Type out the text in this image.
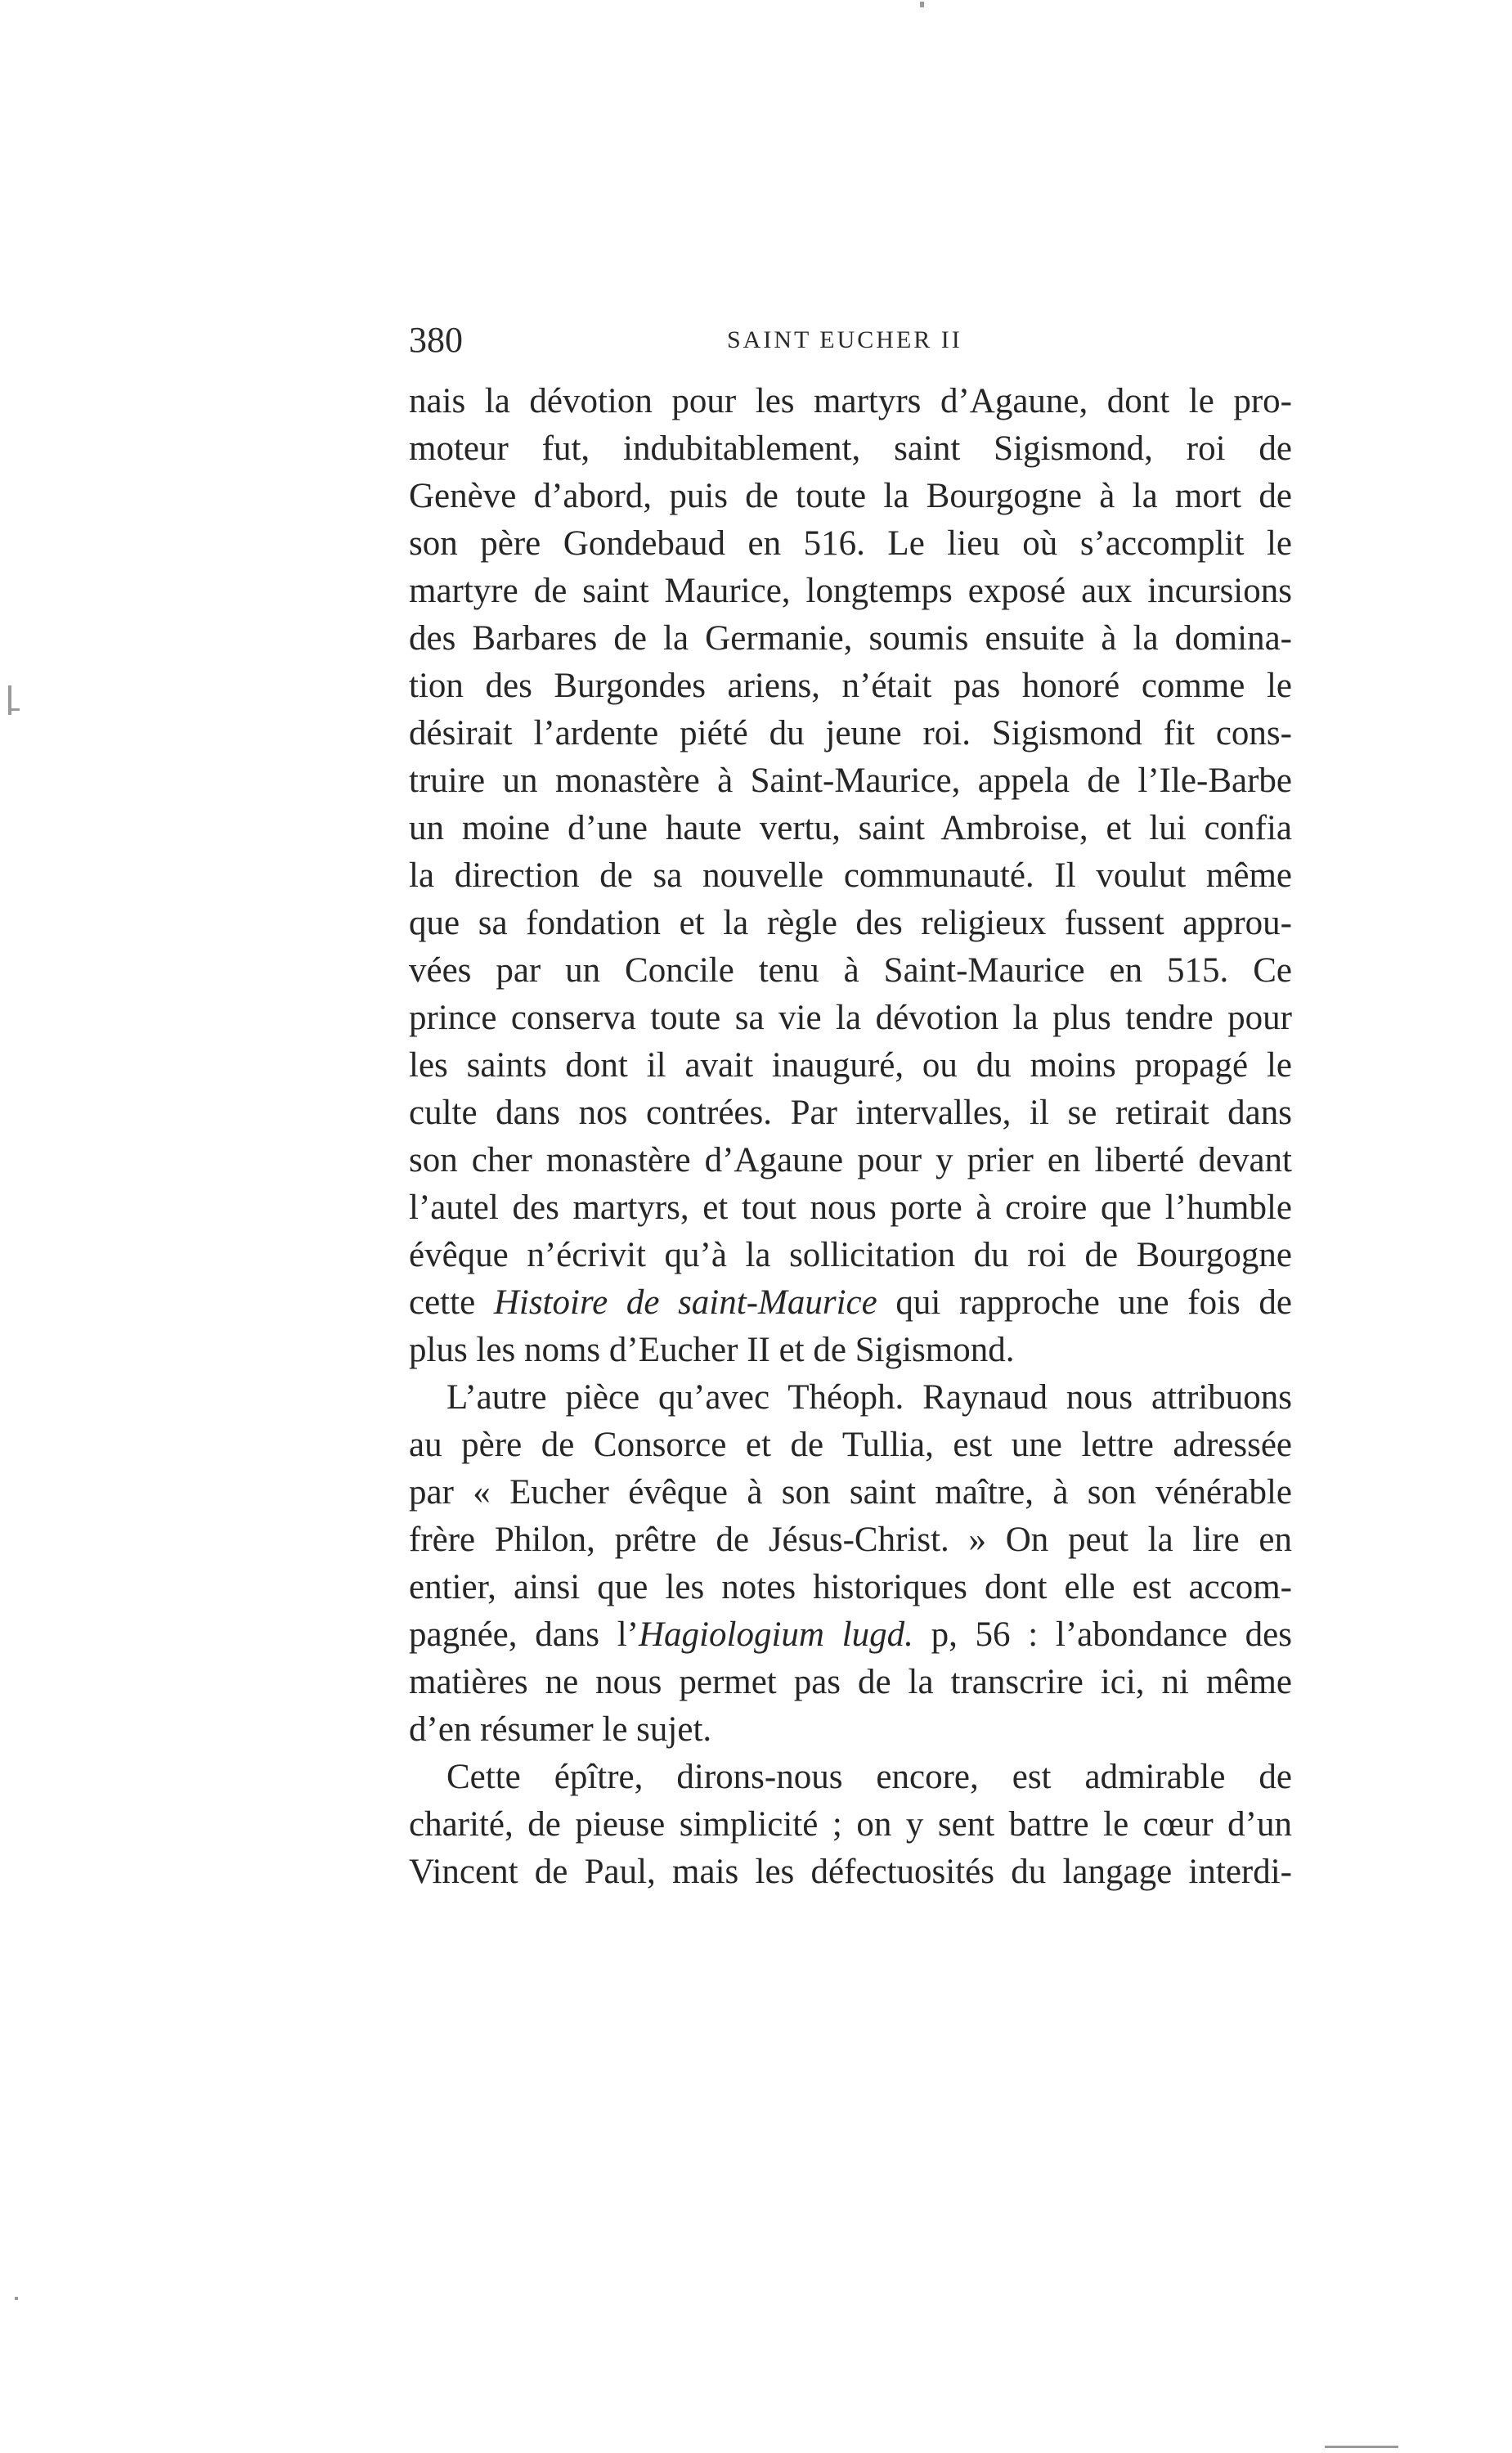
380	SAINT EUCHER II
nais la dévotion pour les martyrs d’Agaune, dont le pro-
moteur fut, indubitablement, saint Sigismond, roi de
Genève d’abord, puis de toute la Bourgogne à la mort de
son père Gondebaud en 516. Le lieu où s’accomplit le
martyre de saint Maurice, longtemps exposé aux incursions
des Barbares de la Germanie, soumis ensuite à la domina-
tion des Burgondes ariens, n’était pas honoré comme le
désirait l’ardente piété du jeune roi. Sigismond fit cons-
truire un monastère à Saint-Maurice, appela de l’Ile-Barbe
un moine d’une haute vertu, saint Ambroise, et lui confia
la direction de sa nouvelle communauté. Il voulut même
que sa fondation et la règle des religieux fussent approu-
vées par un Concile tenu à Saint-Maurice en 515. Ce
prince conserva toute sa vie la dévotion la plus tendre pour
les saints dont il avait inauguré, ou du moins propagé le
culte dans nos contrées. Par intervalles, il se retirait dans
son cher monastère d’Agaune pour y prier en liberté devant
l’autel des martyrs, et tout nous porte à croire que l’humble
évêque n’écrivit qu’à la sollicitation du roi de Bourgogne
cette Histoire de saint-Maurice qui rapproche une fois de
plus les noms d’Eucher II et de Sigismond.
L’autre pièce qu’avec Théoph. Raynaud nous attribuons
au père de Consorce et de Tullia, est une lettre adressée
par « Eucher évêque à son saint maître, à son vénérable
frère Philon, prêtre de Jésus-Christ. » On peut la lire en
entier, ainsi que les notes historiques dont elle est accom-
pagnée, dans l’Hagiologium lugd. p, 56 : l’abondance des
matières ne nous permet pas de la transcrire ici, ni même
d’en résumer le sujet.
Cette épître, dirons-nous encore, est admirable de
charité, de pieuse simplicité ; on y sent battre le cœur d’un
Vincent de Paul, mais les défectuosités du langage interdi-
